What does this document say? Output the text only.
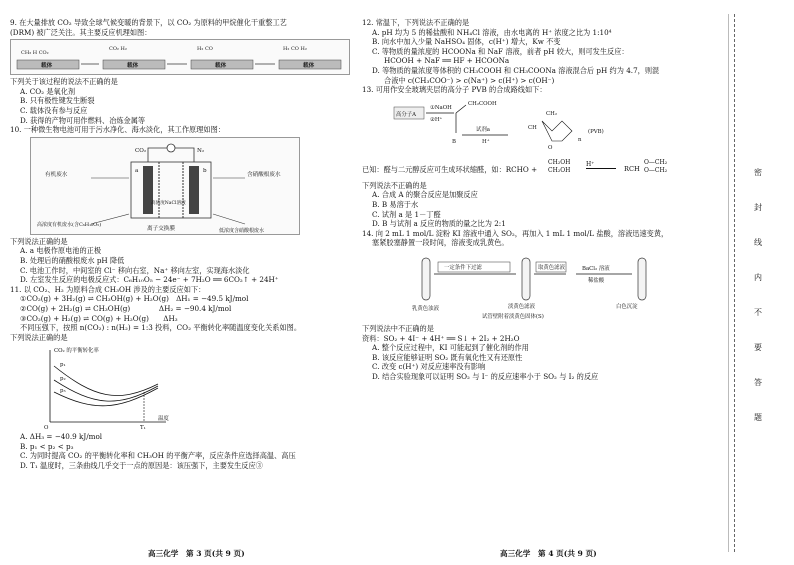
9. 在大量排放 CO₂ 导致全球气候变暖的背景下，以 CO₂ 为原料的甲烷催化干重整工艺
(DRM) 被广泛关注。其主要反应机理如图：
CH₃ H CO₂
CO₂ H₂	H₂ CO	H₂ CO H₂
载体	载体	载体	载体
下列关于该过程的说法不正确的是
A. CO₂ 是氧化剂
B. 只有极性键发生断裂
C. 载体没有参与反应
D. 获得的产物可用作燃料、冶炼金属等
10. 一种微生物电池可用于污水净化、海水淡化，其工作原理如图：
CO₂	N₂
a	b
有机废水	含硝酸根废水
高浓度NaCl溶液
高浓度有机废水(含C₆H₁₀O₅)
低浓度含硝酸根废水
离子交换膜
下列说法正确的是
A. a 电极作原电池的正极
B. 处理后的硝酸根废水 pH 降低
C. 电池工作时，中间室的 Cl⁻ 移向右室，Na⁺ 移向左室，实现海水淡化
D. 左室发生反应的电极反应式：C₆H₁₀O₅ − 24e⁻ + 7H₂O ══ 6CO₂↑ + 24H⁺
11. 以 CO₂、H₂ 为原料合成 CH₃OH 涉及的主要反应如下：
①CO₂(g) + 3H₂(g) ⇌ CH₃OH(g) + H₂O(g)　ΔH₁ = −49.5 kJ/mol
②CO(g) + 2H₂(g) ⇌ CH₃OH(g)　　　　ΔH₂ = −90.4 kJ/mol
③CO₂(g) + H₂(g) ⇌ CO(g) + H₂O(g)　　ΔH₃
不同压强下，按照 n(CO₂) : n(H₂) = 1:3 投料，CO₂ 平衡转化率随温度变化关系如图。
下列说法正确的是
CO₂ 的平衡转化率
p₁
p₂
p₃
T₁
温度
O
A. ΔH₃ = −40.9 kJ/mol
B. p₁ < p₂ < p₃
C. 为同时提高 CO₂ 的平衡转化率和 CH₃OH 的平衡产率，反应条件应选择高温、高压
D. T₁ 温度时，三条曲线几乎交于一点的原因是：该压强下，主要发生反应③
高三化学　第 3 页(共 9 页)
12. 常温下，下列说法不正确的是
A. pH 均为 5 的稀盐酸和 NH₄Cl 溶液，由水电离的 H⁺ 浓度之比为 1:10⁴
B. 向水中加入少量 NaHSO₄ 固体，c(H⁺) 增大，Kw 不变
C. 等物质的量浓度的 HCOONa 和 NaF 溶液，前者 pH 较大，则可发生反应：
HCOOH + NaF ══ HF + HCOONa
D. 等物质的量浓度等体积的 CH₃COOH 和 CH₃COONa 溶液混合后 pH 约为 4.7，则混
合液中 c(CH₃COO⁻) > c(Na⁺) > c(H⁺) > c(OH⁻)
13. 可用作安全玻璃夹层的高分子 PVB 的合成路线如下：
高分子A
①NaOH
②H⁺
CH₂COOH
B
试剂a
H⁺
(PVB)
CH₂
CH
O
n
已知：醛与二元醇反应可生成环状缩醛，如：RCHO +
CH₂OH
CH₂OH
H⁺
RCH
O—CH₂
O—CH₂
下列说法不正确的是
A. 合成 A 的聚合反应是加聚反应
B. B 易溶于水
C. 试剂 a 是 1－丁醛
D. B 与试剂 a 反应的物质的量之比为 2:1
14. 向 2 mL 1 mol/L 淀粉 KI 溶液中通入 SO₂，再加入 1 mL 1 mol/L 盐酸，溶液迅速变黄，
塞紧胶塞静置一段时间，溶液变成乳黄色。
一定条件下过滤	取黄色滤液	BaCl₂ 溶液
稀盐酸
乳黄色浊液	淡黄色滤液
试管壁附着淡黄色固体(S)
白色沉淀
下列说法中不正确的是
资料：SO₂ + 4I⁻ + 4H⁺ ══ S↓ + 2I₂ + 2H₂O
A. 整个反应过程中，KI 可能起到了催化剂的作用
B. 该反应能够证明 SO₂ 既有氧化性又有还原性
C. 改变 c(H⁺) 对反应速率没有影响
D. 结合实验现象可以证明 SO₂ 与 I⁻ 的反应速率小于 SO₂ 与 I₂ 的反应
高三化学　第 4 页(共 9 页)
密
封
线
内
不
要
答
题
